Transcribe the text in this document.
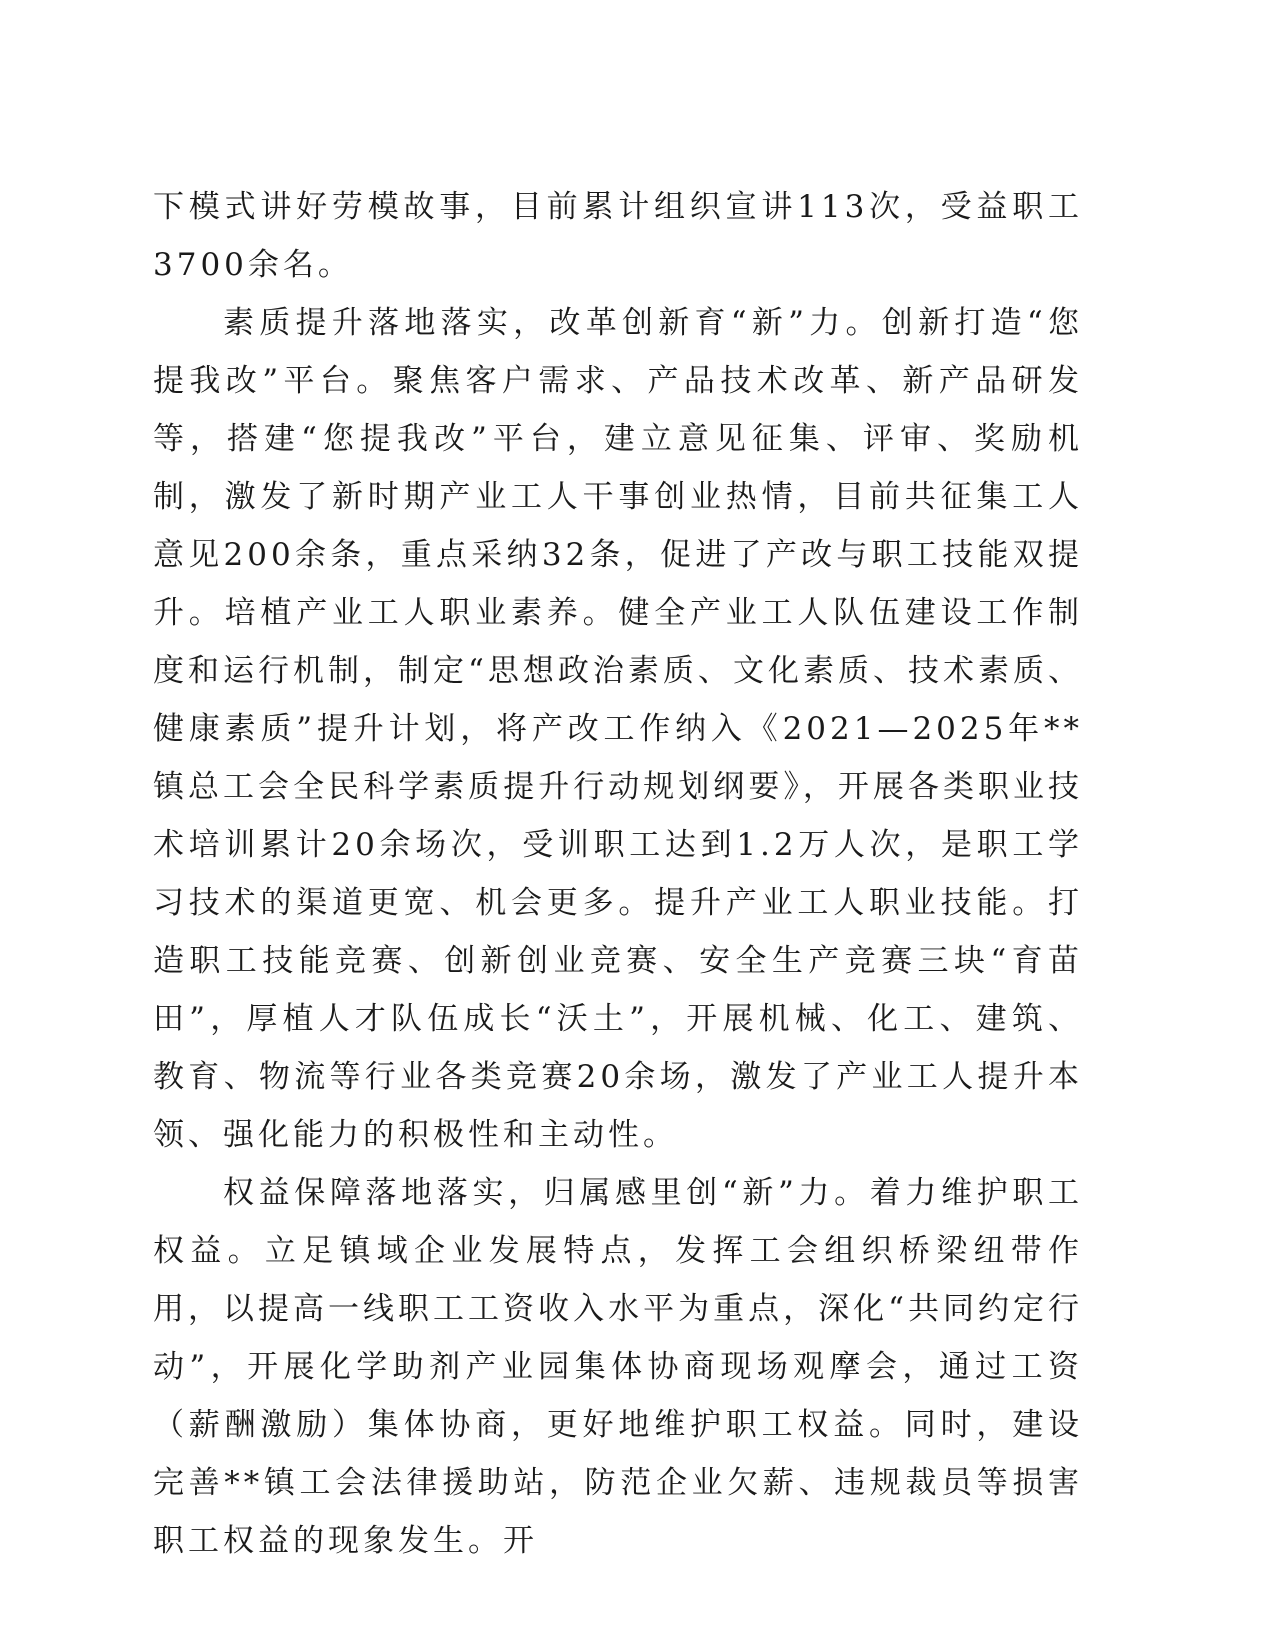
下模式讲好劳模故事，目前累计组织宣讲113次，受益职工3700余名。

素质提升落地落实，改革创新育“新”力。创新打造“您提我改”平台。聚焦客户需求、产品技术改革、新产品研发等，搭建“您提我改”平台，建立意见征集、评审、奖励机制，激发了新时期产业工人干事创业热情，目前共征集工人意见200余条，重点采纳32条，促进了产改与职工技能双提升。培植产业工人职业素养。健全产业工人队伍建设工作制度和运行机制，制定“思想政治素质、文化素质、技术素质、健康素质”提升计划，将产改工作纳入《2021—2025年**镇总工会全民科学素质提升行动规划纲要》，开展各类职业技术培训累计20余场次，受训职工达到1.2万人次，是职工学习技术的渠道更宽、机会更多。提升产业工人职业技能。打造职工技能竞赛、创新创业竞赛、安全生产竞赛三块“育苗田”，厚植人才队伍成长“沃土”，开展机械、化工、建筑、教育、物流等行业各类竞赛20余场，激发了产业工人提升本领、强化能力的积极性和主动性。

权益保障落地落实，归属感里创“新”力。着力维护职工权益。立足镇域企业发展特点，发挥工会组织桥梁纽带作用，以提高一线职工工资收入水平为重点，深化“共同约定行动”，开展化学助剂产业园集体协商现场观摩会，通过工资（薪酬激励）集体协商，更好地维护职工权益。同时，建设完善**镇工会法律援助站，防范企业欠薪、违规裁员等损害职工权益的现象发生。开
